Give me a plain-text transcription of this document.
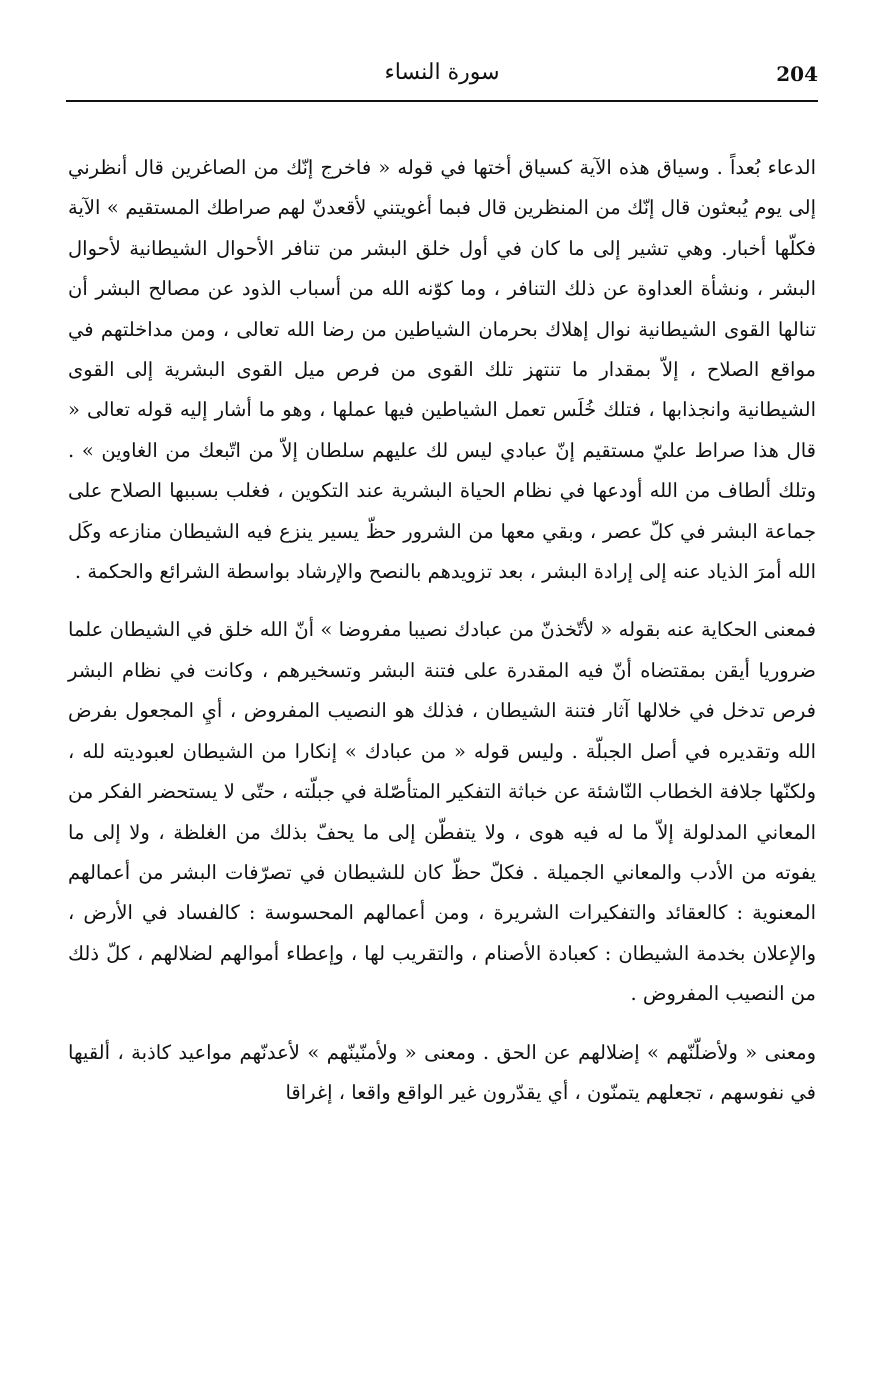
204
سورة النساء

الدعاء بُعداً . وسياق هذه الآية كسياق أختها في قوله « فاخرج إنّك من الصاغرين قال أنظرني إلى يوم يُبعثون قال إنّك من المنظرين قال فبما أغويتني لأقعدنّ لهم صراطك المستقيم » الآية فكلّها أخبار. وهي تشير إلى ما كان في أول خلق البشر من تنافر الأحوال الشيطانية لأحوال البشر ، ونشأة العداوة عن ذلك التنافر ، وما كوّنه الله من أسباب الذود عن مصالح البشر أن تنالها القوى الشيطانية نوال إهلاك بحرمان الشياطين من رضا الله تعالى ، ومن مداخلتهم في مواقع الصلاح ، إلاّ بمقدار ما تنتهز تلك القوى من فرص ميل القوى البشرية إلى القوى الشيطانية وانجذابها ، فتلك خُلَس تعمل الشياطين فيها عملها ، وهو ما أشار إليه قوله تعالى « قال هذا صراط عليّ مستقيم إنّ عبادي ليس لك عليهم سلطان إلاّ من اتّبعك من الغاوين » . وتلك ألطاف من الله أودعها في نظام الحياة البشرية عند التكوين ، فغلب بسببها الصلاح على جماعة البشر في كلّ عصر ، وبقي معها من الشرور حظّ يسير ينزع فيه الشيطان منازعه وكَل الله أمرَ الذياد عنه إلى إرادة البشر ، بعد تزويدهم بالنصح والإرشاد بواسطة الشرائع والحكمة .

فمعنى الحكاية عنه بقوله « لأتّخذنّ من عبادك نصيبا مفروضا » أنّ الله خلق في الشيطان علما ضروريا أيقن بمقتضاه أنّ فيه المقدرة على فتنة البشر وتسخيرهم ، وكانت في نظام البشر فرص تدخل في خلالها آثار فتنة الشيطان ، فذلك هو النصيب المفروض ، أيِ المجعول بفرض الله وتقديره في أصل الجبلّة . وليس قوله « من عبادك » إنكارا من الشيطان لعبوديته لله ، ولكنّها جلافة الخطاب النّاشئة عن خباثة التفكير المتأصّلة في جبلّته ، حتّى لا يستحضر الفكر من المعاني المدلولة إلاّ ما له فيه هوى ، ولا يتفطّن إلى ما يحفّ بذلك من الغلظة ، ولا إلى ما يفوته من الأدب والمعاني الجميلة . فكلّ حظّ كان للشيطان في تصرّفات البشر من أعمالهم المعنوية : كالعقائد والتفكيرات الشريرة ، ومن أعمالهم المحسوسة : كالفساد في الأرض ، والإعلان بخدمة الشيطان : كعبادة الأصنام ، والتقريب لها ، وإعطاء أموالهم لضلالهم ، كلّ ذلك من النصيب المفروض .

ومعنى « ولأضلّنّهم » إضلالهم عن الحق . ومعنى « ولأمنّينّهم » لأعدنّهم مواعيد كاذبة ، ألقيها في نفوسهم ، تجعلهم يتمنّون ، أي يقدّرون غير الواقع واقعا ، إغراقا
